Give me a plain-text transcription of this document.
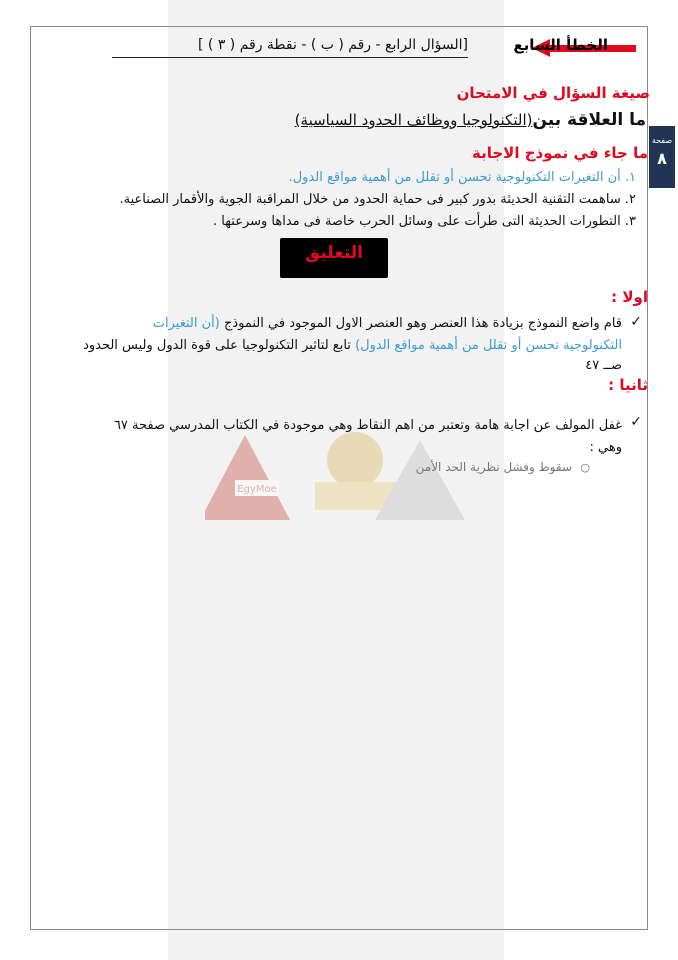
الخطأ السابع
[السؤال الرابع - رقم ( ب ) - نقطة رقم ( ٣ ) ]
صيغة السؤال في الامتحان
ما العلاقة بين(التكنولوجيا ووظائف الحدود السياسية)
صفحة
٨
ما جاء في نموذج الاجابة
١. أن التغيرات التكنولوجية تحسن أو تقلل من أهمية مواقع الدول.
٢. ساهمت التقنية الحديثة بدور كبير فى حماية الحدود من خلال المراقبة الجوية والأقمار الصناعية.
٣. التطورات الحديثة التى طرأت على وسائل الحرب خاصة فى مداها وسرعتها .
التعليق
اولا :
✓
قام واضع النموذج بزيادة هذا العنصر وهو العنصر الاول الموجود في النموذج (أن التغيرات
التكنولوجية تحسن أو تقلل من أهمية مواقع الدول) تابع لتاثير التكنولوجيا على قوة الدول وليس الحدود
صــ ٤٧
ثانيا :
EgyMoe
✓
غفل المولف عن اجابة هامة وتعتبر من اهم النقاط وهي موجودة في الكتاب المدرسي صفحة ٦٧
وهي :
○
سقوط وفشل نظرية الحد الأمن
